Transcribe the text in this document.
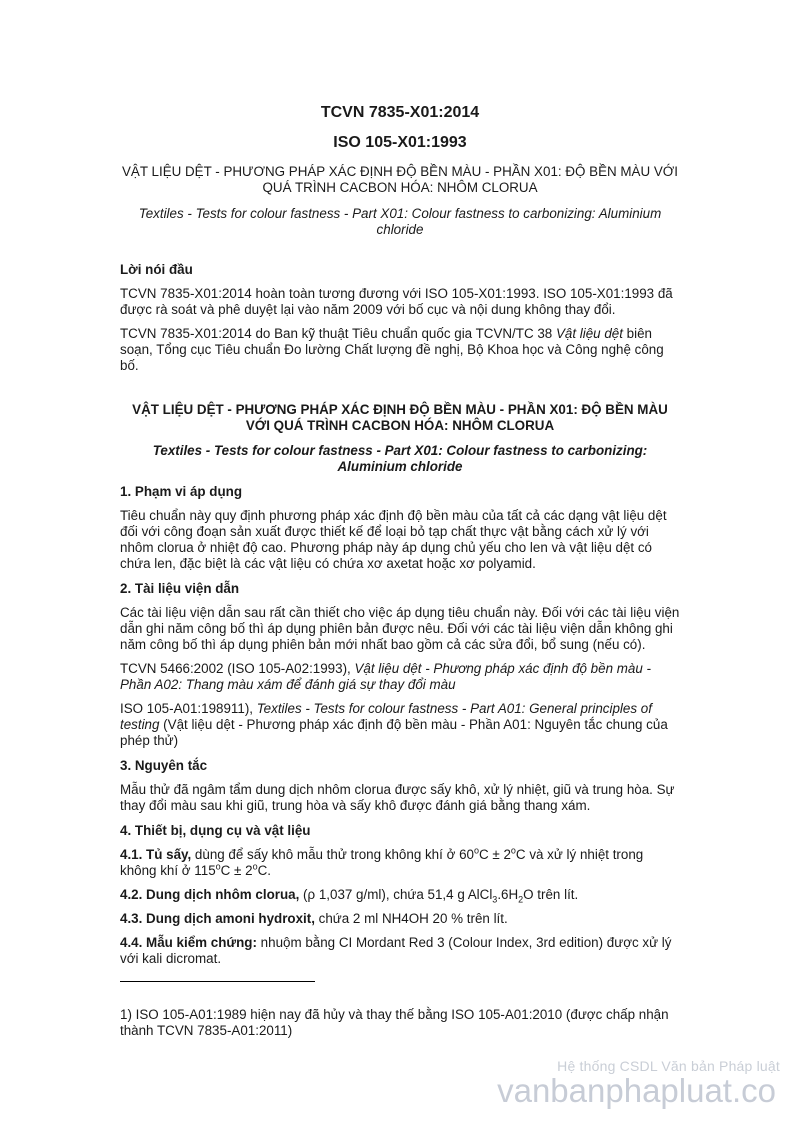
TCVN 7835-X01:2014

ISO 105-X01:1993

VẬT LIỆU DỆT - PHƯƠNG PHÁP XÁC ĐỊNH ĐỘ BỀN MÀU - PHẦN X01: ĐỘ BỀN MÀU VỚI QUÁ TRÌNH CACBON HÓA: NHÔM CLORUA

Textiles - Tests for colour fastness - Part X01: Colour fastness to carbonizing: Aluminium chloride

Lời nói đầu

TCVN 7835-X01:2014 hoàn toàn tương đương với ISO 105-X01:1993. ISO 105-X01:1993 đã được rà soát và phê duyệt lại vào năm 2009 với bố cục và nội dung không thay đổi.

TCVN 7835-X01:2014 do Ban kỹ thuật Tiêu chuẩn quốc gia TCVN/TC 38 Vật liệu dệt biên soạn, Tổng cục Tiêu chuẩn Đo lường Chất lượng đề nghị, Bộ Khoa học và Công nghệ công bố.

VẬT LIỆU DỆT - PHƯƠNG PHÁP XÁC ĐỊNH ĐỘ BỀN MÀU - PHẦN X01: ĐỘ BỀN MÀU VỚI QUÁ TRÌNH CACBON HÓA: NHÔM CLORUA

Textiles - Tests for colour fastness - Part X01: Colour fastness to carbonizing: Aluminium chloride

1. Phạm vi áp dụng

Tiêu chuẩn này quy định phương pháp xác định độ bền màu của tất cả các dạng vật liệu dệt đối với công đoạn sản xuất được thiết kế để loại bỏ tạp chất thực vật bằng cách xử lý với nhôm clorua ở nhiệt độ cao. Phương pháp này áp dụng chủ yếu cho len và vật liệu dệt có chứa len, đặc biệt là các vật liệu có chứa xơ axetat hoặc xơ polyamid.

2. Tài liệu viện dẫn

Các tài liệu viện dẫn sau rất cần thiết cho việc áp dụng tiêu chuẩn này. Đối với các tài liệu viện dẫn ghi năm công bố thì áp dụng phiên bản được nêu. Đối với các tài liệu viện dẫn không ghi năm công bố thì áp dụng phiên bản mới nhất bao gồm cả các sửa đổi, bổ sung (nếu có).

TCVN 5466:2002 (ISO 105-A02:1993), Vật liệu dệt - Phương pháp xác định độ bền màu - Phần A02: Thang màu xám để đánh giá sự thay đổi màu

ISO 105-A01:198911), Textiles - Tests for colour fastness - Part A01: General principles of testing (Vật liệu dệt - Phương pháp xác định độ bền màu - Phần A01: Nguyên tắc chung của phép thử)

3. Nguyên tắc

Mẫu thử đã ngâm tẩm dung dịch nhôm clorua được sấy khô, xử lý nhiệt, giũ và trung hòa. Sự thay đổi màu sau khi giũ, trung hòa và sấy khô được đánh giá bằng thang xám.

4. Thiết bị, dụng cụ và vật liệu

4.1. Tủ sấy, dùng để sấy khô mẫu thử trong không khí ở $60^oC \pm 2^oC$ và xử lý nhiệt trong không khí ở $115^oC \pm 2^oC$.

4.2. Dung dịch nhôm clorua, (ρ 1,037 g/ml), chứa 51,4 g $AlCl_3.6H_2O$ trên lít.

4.3. Dung dịch amoni hydroxit, chứa 2 ml NH4OH 20 % trên lít.

4.4. Mẫu kiểm chứng: nhuộm bằng CI Mordant Red 3 (Colour Index, 3rd edition) được xử lý với kali dicromat.

1) ISO 105-A01:1989 hiện nay đã hủy và thay thế bằng ISO 105-A01:2010 (được chấp nhận thành TCVN 7835-A01:2011)

Hệ thống CSDL Văn bản Pháp luật
vanbanphapluat.co
